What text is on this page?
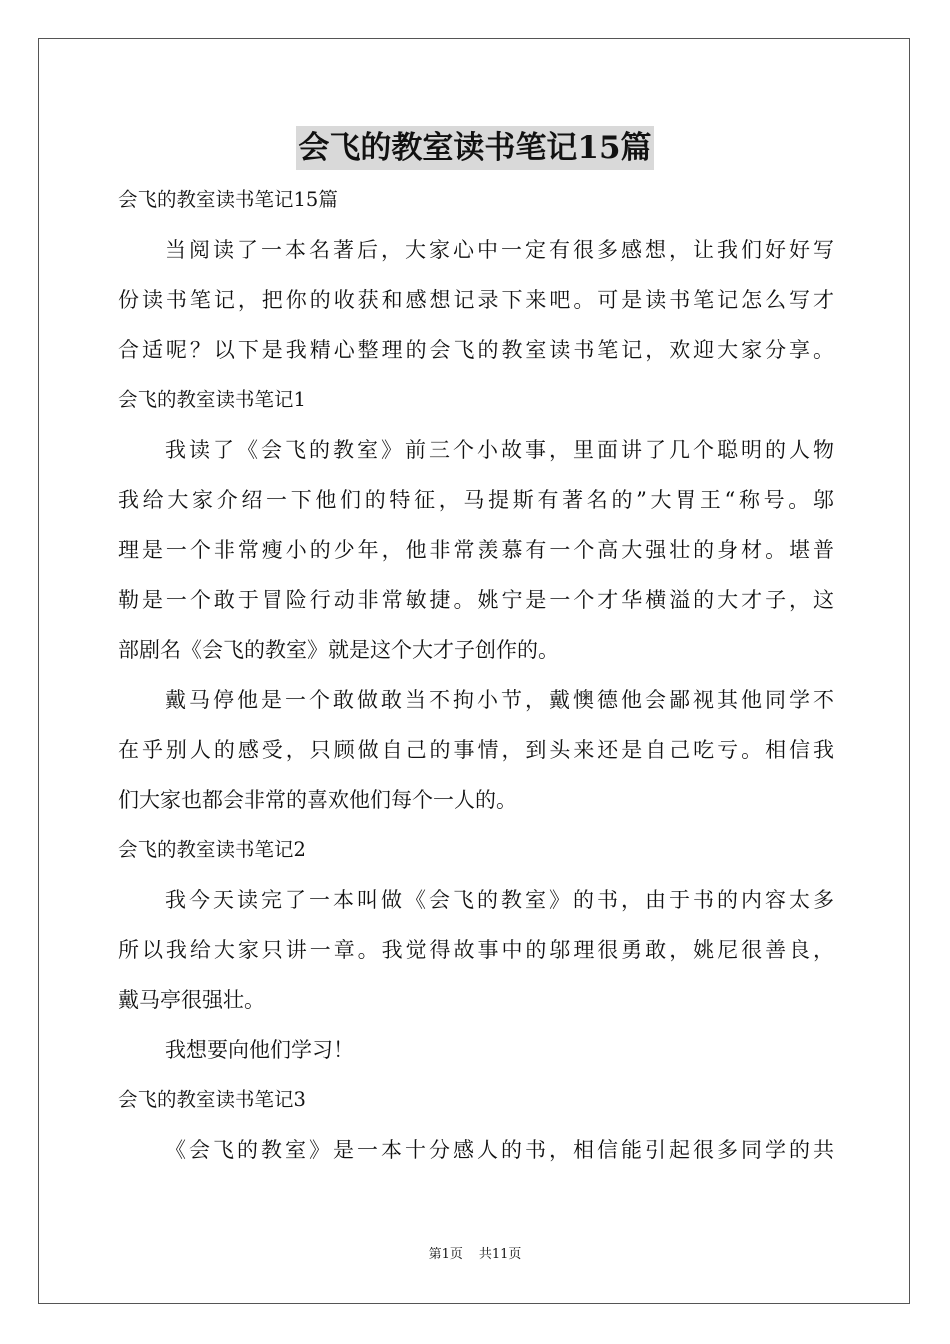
会飞的教室读书笔记15篇
会飞的教室读书笔记15篇
当阅读了一本名著后，大家心中一定有很多感想，让我们好好写
份读书笔记，把你的收获和感想记录下来吧。可是读书笔记怎么写才
合适呢？以下是我精心整理的会飞的教室读书笔记，欢迎大家分享。
会飞的教室读书笔记1
我读了《会飞的教室》前三个小故事，里面讲了几个聪明的人物
我给大家介绍一下他们的特征，马提斯有著名的”大胃王“称号。邬
理是一个非常瘦小的少年，他非常羡慕有一个高大强壮的身材。堪普
勒是一个敢于冒险行动非常敏捷。姚宁是一个才华横溢的大才子，这
部剧名《会飞的教室》就是这个大才子创作的。
戴马停他是一个敢做敢当不拘小节，戴懊德他会鄙视其他同学不
在乎别人的感受，只顾做自己的事情，到头来还是自己吃亏。相信我
们大家也都会非常的喜欢他们每个一人的。
会飞的教室读书笔记2
我今天读完了一本叫做《会飞的教室》的书，由于书的内容太多
所以我给大家只讲一章。我觉得故事中的邬理很勇敢，姚尼很善良，
戴马亭很强壮。
我想要向他们学习！
会飞的教室读书笔记3
《会飞的教室》是一本十分感人的书，相信能引起很多同学的共
第1页 共11页
